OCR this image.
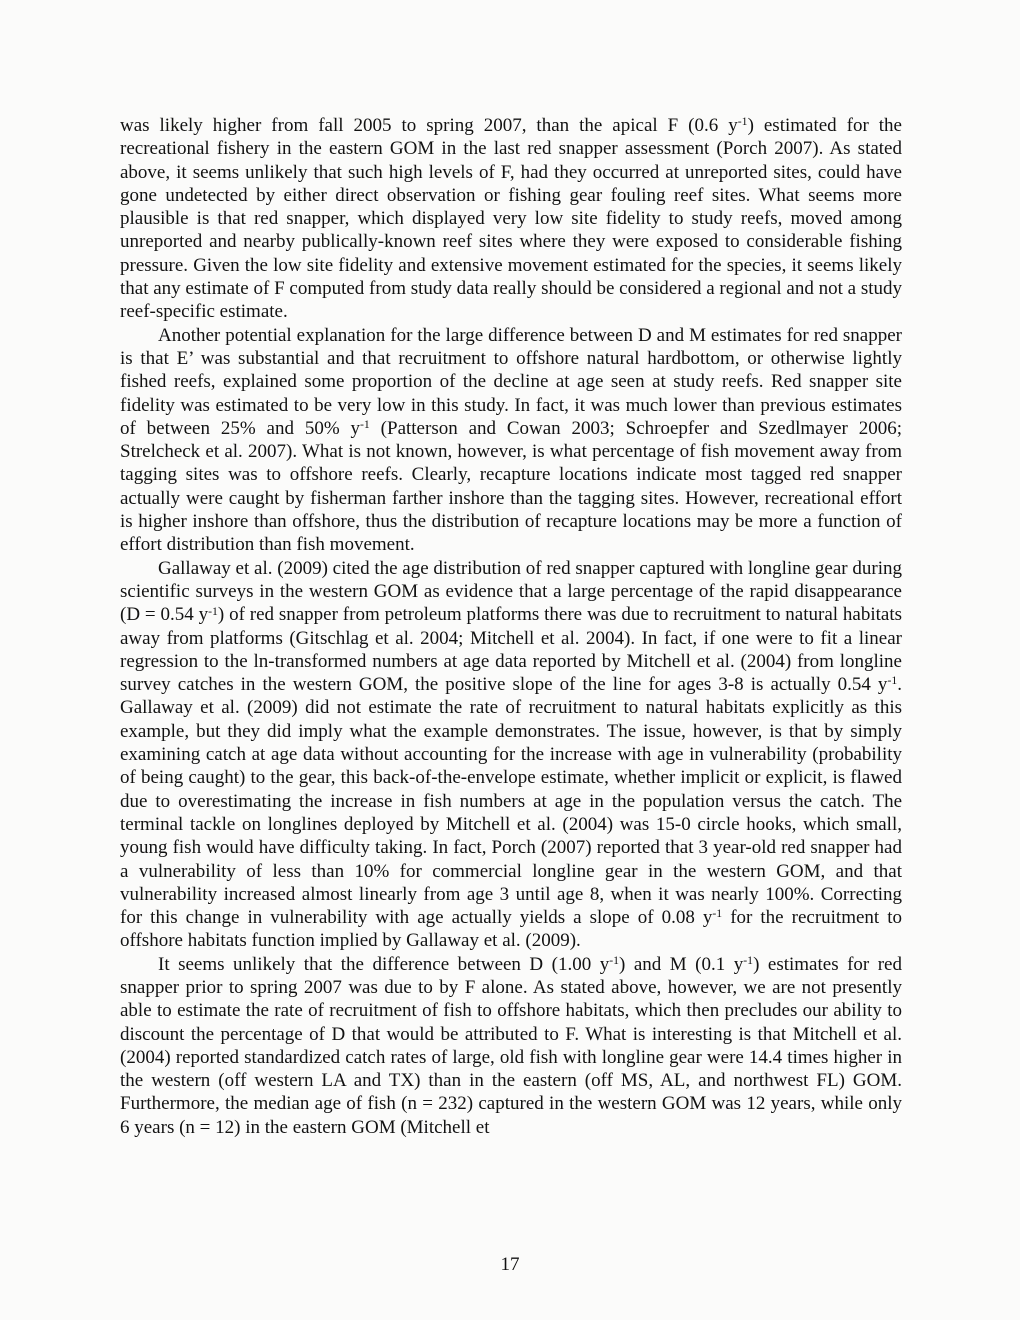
was likely higher from fall 2005 to spring 2007, than the apical F (0.6 $y^{-1}$) estimated for the recreational fishery in the eastern GOM in the last red snapper assessment (Porch 2007). As stated above, it seems unlikely that such high levels of F, had they occurred at unreported sites, could have gone undetected by either direct observation or fishing gear fouling reef sites. What seems more plausible is that red snapper, which displayed very low site fidelity to study reefs, moved among unreported and nearby publically-known reef sites where they were exposed to considerable fishing pressure. Given the low site fidelity and extensive movement estimated for the species, it seems likely that any estimate of F computed from study data really should be considered a regional and not a study reef-specific estimate.

Another potential explanation for the large difference between D and M estimates for red snapper is that E’ was substantial and that recruitment to offshore natural hardbottom, or otherwise lightly fished reefs, explained some proportion of the decline at age seen at study reefs. Red snapper site fidelity was estimated to be very low in this study. In fact, it was much lower than previous estimates of between 25% and 50% $y^{-1}$ (Patterson and Cowan 2003; Schroepfer and Szedlmayer 2006; Strelcheck et al. 2007). What is not known, however, is what percentage of fish movement away from tagging sites was to offshore reefs. Clearly, recapture locations indicate most tagged red snapper actually were caught by fisherman farther inshore than the tagging sites. However, recreational effort is higher inshore than offshore, thus the distribution of recapture locations may be more a function of effort distribution than fish movement.

Gallaway et al. (2009) cited the age distribution of red snapper captured with longline gear during scientific surveys in the western GOM as evidence that a large percentage of the rapid disappearance (D = 0.54 $y^{-1}$) of red snapper from petroleum platforms there was due to recruitment to natural habitats away from platforms (Gitschlag et al. 2004; Mitchell et al. 2004). In fact, if one were to fit a linear regression to the ln-transformed numbers at age data reported by Mitchell et al. (2004) from longline survey catches in the western GOM, the positive slope of the line for ages 3-8 is actually 0.54 $y^{-1}$. Gallaway et al. (2009) did not estimate the rate of recruitment to natural habitats explicitly as this example, but they did imply what the example demonstrates. The issue, however, is that by simply examining catch at age data without accounting for the increase with age in vulnerability (probability of being caught) to the gear, this back-of-the-envelope estimate, whether implicit or explicit, is flawed due to overestimating the increase in fish numbers at age in the population versus the catch. The terminal tackle on longlines deployed by Mitchell et al. (2004) was 15-0 circle hooks, which small, young fish would have difficulty taking. In fact, Porch (2007) reported that 3 year-old red snapper had a vulnerability of less than 10% for commercial longline gear in the western GOM, and that vulnerability increased almost linearly from age 3 until age 8, when it was nearly 100%. Correcting for this change in vulnerability with age actually yields a slope of 0.08 $y^{-1}$ for the recruitment to offshore habitats function implied by Gallaway et al. (2009).

It seems unlikely that the difference between D (1.00 $y^{-1}$) and M (0.1 $y^{-1}$) estimates for red snapper prior to spring 2007 was due to by F alone. As stated above, however, we are not presently able to estimate the rate of recruitment of fish to offshore habitats, which then precludes our ability to discount the percentage of D that would be attributed to F. What is interesting is that Mitchell et al. (2004) reported standardized catch rates of large, old fish with longline gear were 14.4 times higher in the western (off western LA and TX) than in the eastern (off MS, AL, and northwest FL) GOM. Furthermore, the median age of fish (n = 232) captured in the western GOM was 12 years, while only 6 years (n = 12) in the eastern GOM (Mitchell et

17
